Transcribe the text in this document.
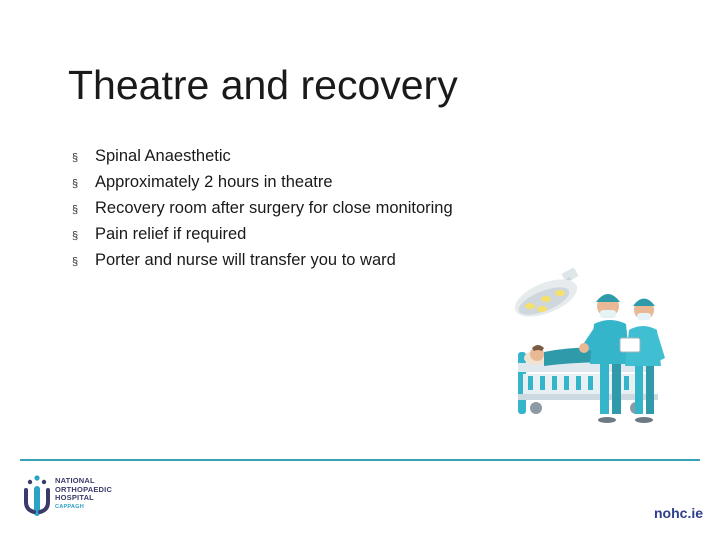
Theatre and recovery
§	Spinal Anaesthetic
§	Approximately 2 hours in theatre
§	Recovery room after surgery for close monitoring
§	Pain relief if required
§	Porter and nurse will transfer you to ward
NATIONAL
ORTHOPAEDIC
HOSPITAL
CAPPAGH	nohc.ie
